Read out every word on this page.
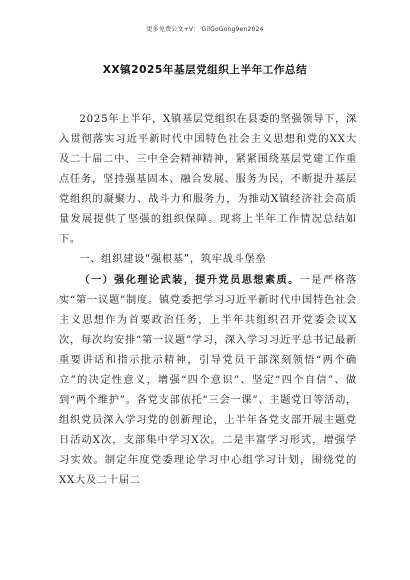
更多免费公文+V： GilGoGong9en2024
XX镇2025年基层党组织上半年工作总结

2025年上半年，X镇基层党组织在县委的坚强领导下，深入贯彻落实习近平新时代中国特色社会主义思想和党的XX大及二十届二中、三中全会精神精神，紧紧围绕基层党建工作重点任务，坚持强基固本、融合发展、服务为民，不断提升基层党组织的凝聚力、战斗力和服务力，为推动X镇经济社会高质量发展提供了坚强的组织保障。现将上半年工作情况总结如下。

一、组织建设“强根基”，筑牢战斗堡垒

（一）强化理论武装，提升党员思想素质。一是严格落实“第一议题”制度。镇党委把学习习近平新时代中国特色社会主义思想作为首要政治任务，上半年共组织召开党委会议X次，每次均安排“第一议题”学习，深入学习习近平总书记最新重要讲话和指示批示精神，引导党员干部深刻领悟“两个确立”的决定性意义，增强“四个意识”、坚定“四个自信”、做到“两个维护”。各党支部依托“三会一课”、主题党日等活动，组织党员深入学习党的创新理论，上半年各党支部开展主题党日活动X次，支部集中学习X次。二是丰富学习形式，增强学习实效。制定年度党委理论学习中心组学习计划，围绕党的XX大及二十届二
